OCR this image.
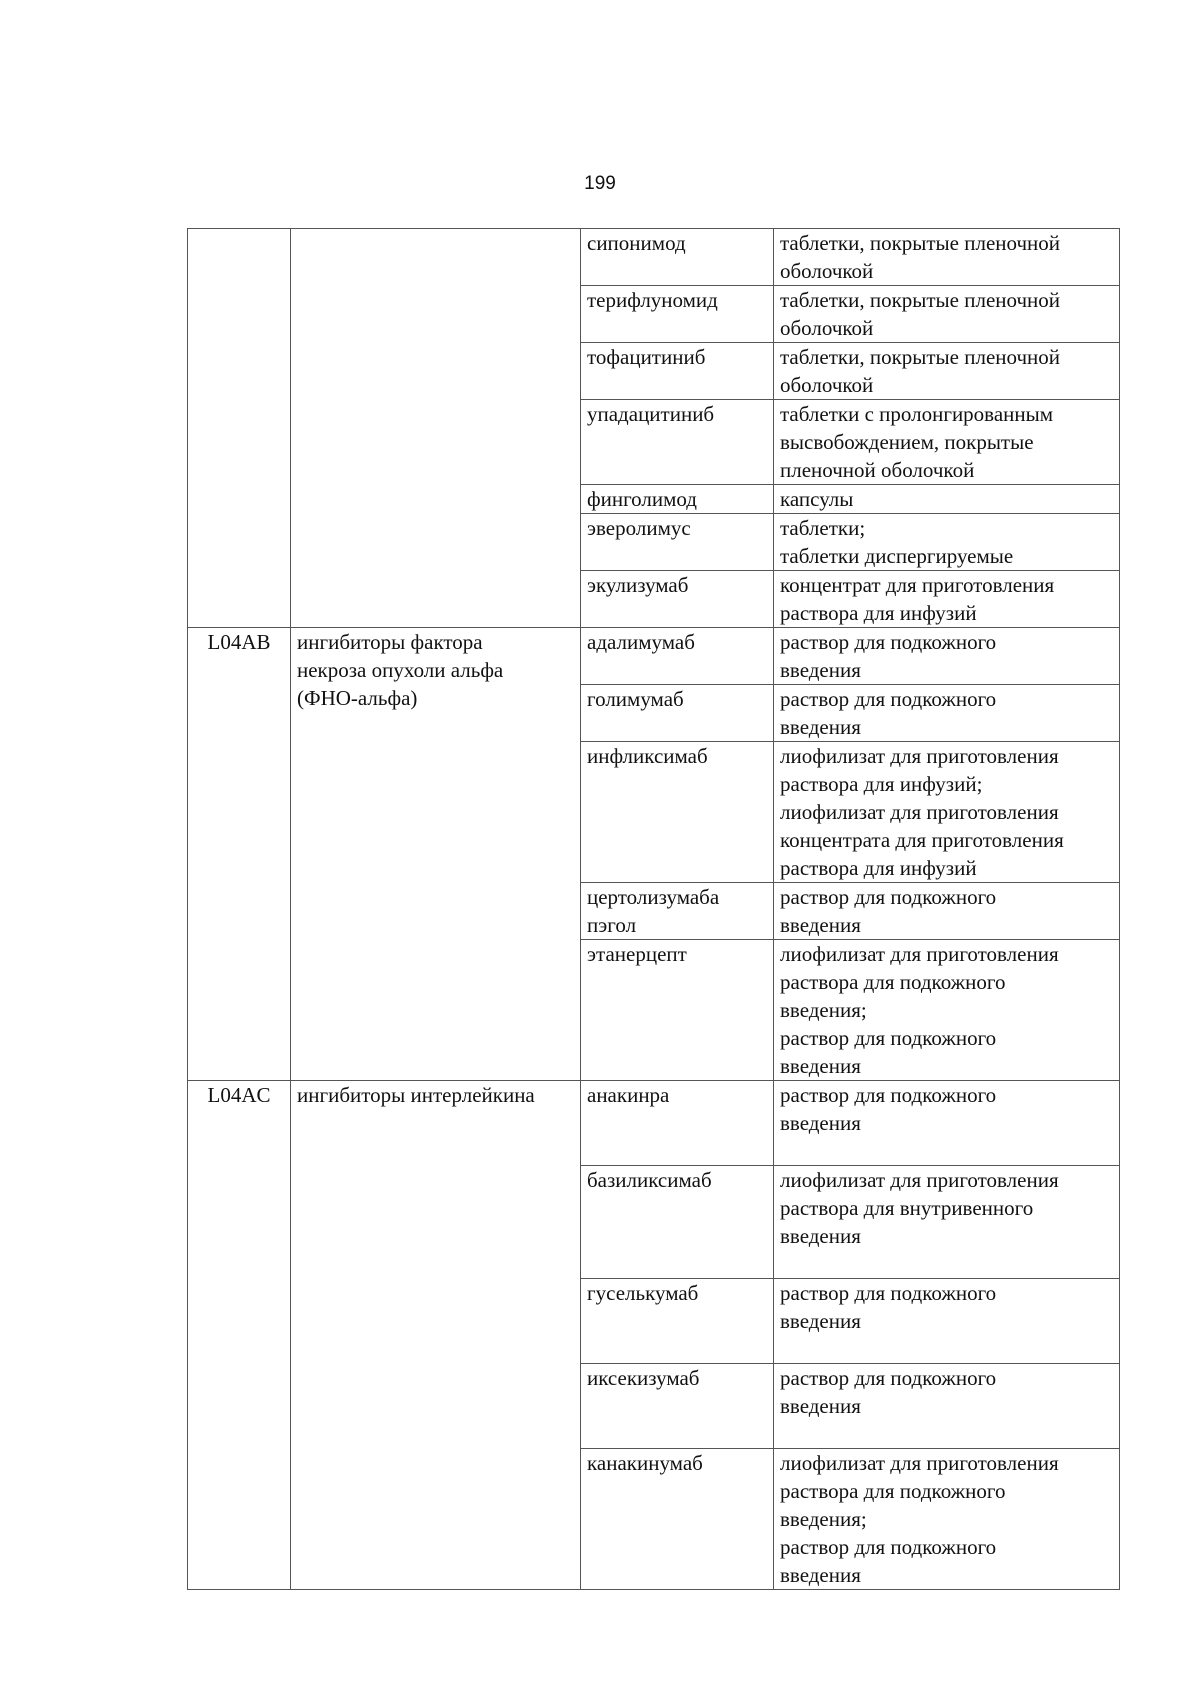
199

		сипонимод	таблетки, покрытые пленочной
оболочкой

		терифлуномид	таблетки, покрытые пленочной
оболочкой

		тофацитиниб	таблетки, покрытые пленочной
оболочкой

		упадацитиниб	таблетки с пролонгированным
высвобождением, покрытые
пленочной оболочкой

		финголимод	капсулы

		эверолимус	таблетки;
таблетки диспергируемые

		экулизумаб	концентрат для приготовления
раствора для инфузий

L04AB	ингибиторы фактора
некроза опухоли альфа
(ФНО-альфа)	адалимумаб	раствор для подкожного
введения

		голимумаб	раствор для подкожного
введения

		инфликсимаб	лиофилизат для приготовления
раствора для инфузий;
лиофилизат для приготовления
концентрата для приготовления
раствора для инфузий

		цертолизумаба
пэгол	раствор для подкожного
введения

		этанерцепт	лиофилизат для приготовления
раствора для подкожного
введения;
раствор для подкожного
введения

L04AC	ингибиторы интерлейкина	анакинра	раствор для подкожного
введения

		базиликсимаб	лиофилизат для приготовления
раствора для внутривенного
введения

		гуселькумаб	раствор для подкожного
введения

		иксекизумаб	раствор для подкожного
введения

		канакинумаб	лиофилизат для приготовления
раствора для подкожного
введения;
раствор для подкожного
введения
